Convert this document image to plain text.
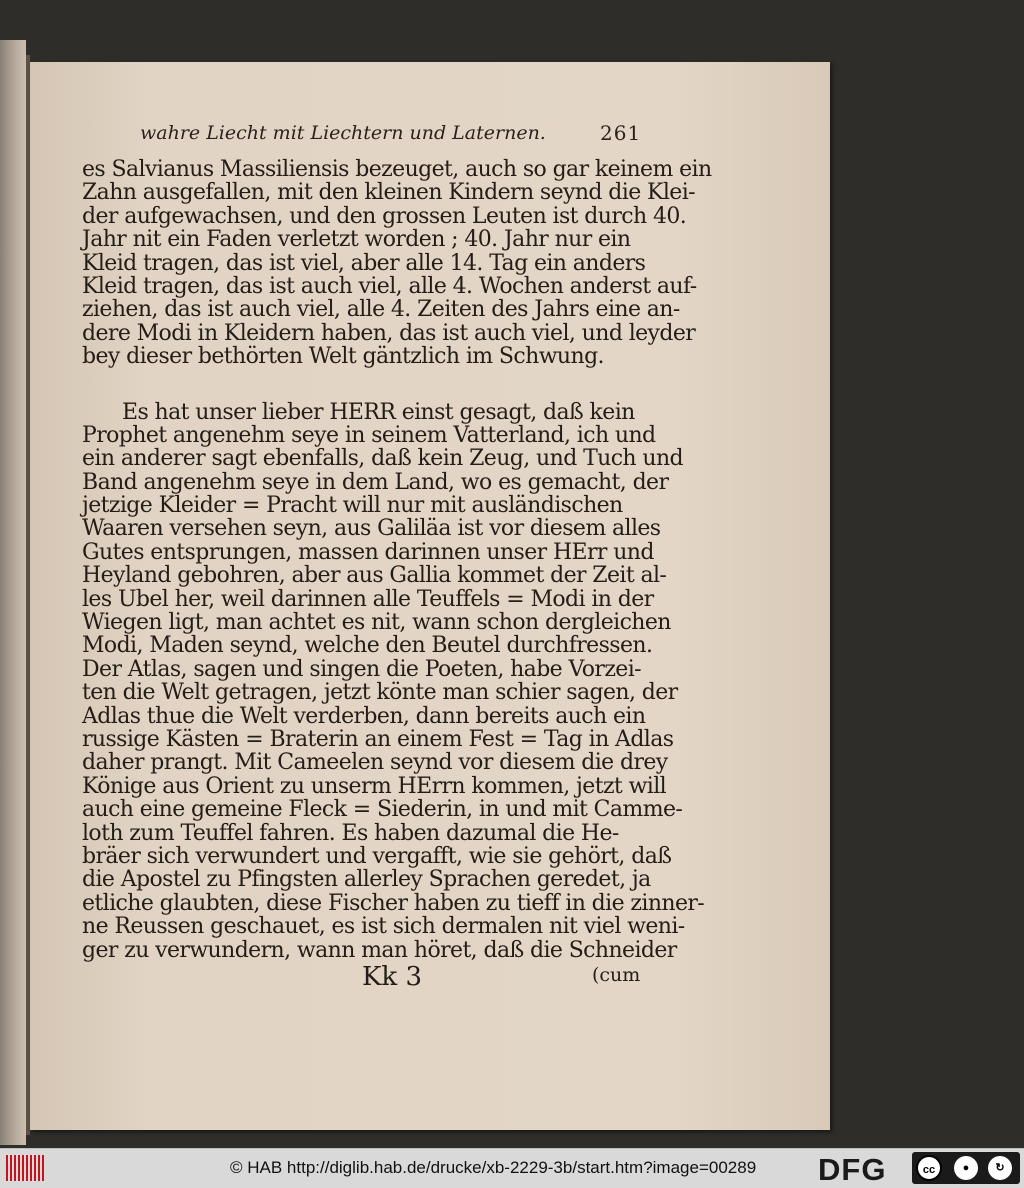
wahre Liecht mit Liechtern und Laternen.	261
es Salvianus Massiliensis bezeuget, auch so gar keinem ein
Zahn ausgefallen, mit den kleinen Kindern seynd die Klei-
der aufgewachsen, und den grossen Leuten ist durch 40.
Jahr nit ein Faden verletzt worden ; 40. Jahr nur ein
Kleid tragen, das ist viel, aber alle 14. Tag ein anders
Kleid tragen, das ist auch viel, alle 4. Wochen anderst auf-
ziehen, das ist auch viel, alle 4. Zeiten des Jahrs eine an-
dere Modi in Kleidern haben, das ist auch viel, und leyder
bey dieser bethörten Welt gäntzlich im Schwung.
Es hat unser lieber HERR einst gesagt, daß kein
Prophet angenehm seye in seinem Vatterland, ich und
ein anderer sagt ebenfalls, daß kein Zeug, und Tuch und
Band angenehm seye in dem Land, wo es gemacht, der
jetzige Kleider = Pracht will nur mit ausländischen
Waaren versehen seyn, aus Galiläa ist vor diesem alles
Gutes entsprungen, massen darinnen unser HErr und
Heyland gebohren, aber aus Gallia kommet der Zeit al-
les Ubel her, weil darinnen alle Teuffels = Modi in der
Wiegen ligt, man achtet es nit, wann schon dergleichen
Modi, Maden seynd, welche den Beutel durchfressen.
Der Atlas, sagen und singen die Poeten, habe Vorzei-
ten die Welt getragen, jetzt könte man schier sagen, der
Adlas thue die Welt verderben, dann bereits auch ein
russige Kästen = Braterin an einem Fest = Tag in Adlas
daher prangt. Mit Cameelen seynd vor diesem die drey
Könige aus Orient zu unserm HErrn kommen, jetzt will
auch eine gemeine Fleck = Siederin, in und mit Camme-
loth zum Teuffel fahren. Es haben dazumal die He-
bräer sich verwundert und vergafft, wie sie gehört, daß
die Apostel zu Pfingsten allerley Sprachen geredet, ja
etliche glaubten, diese Fischer haben zu tieff in die zinner-
ne Reussen geschauet, es ist sich dermalen nit viel weni-
ger zu verwundern, wann man höret, daß die Schneider
Kk 3	(cum
© HAB http://diglib.hab.de/drucke/xb-2229-3b/start.htm?image=00289 DFG	cc	●	↻
